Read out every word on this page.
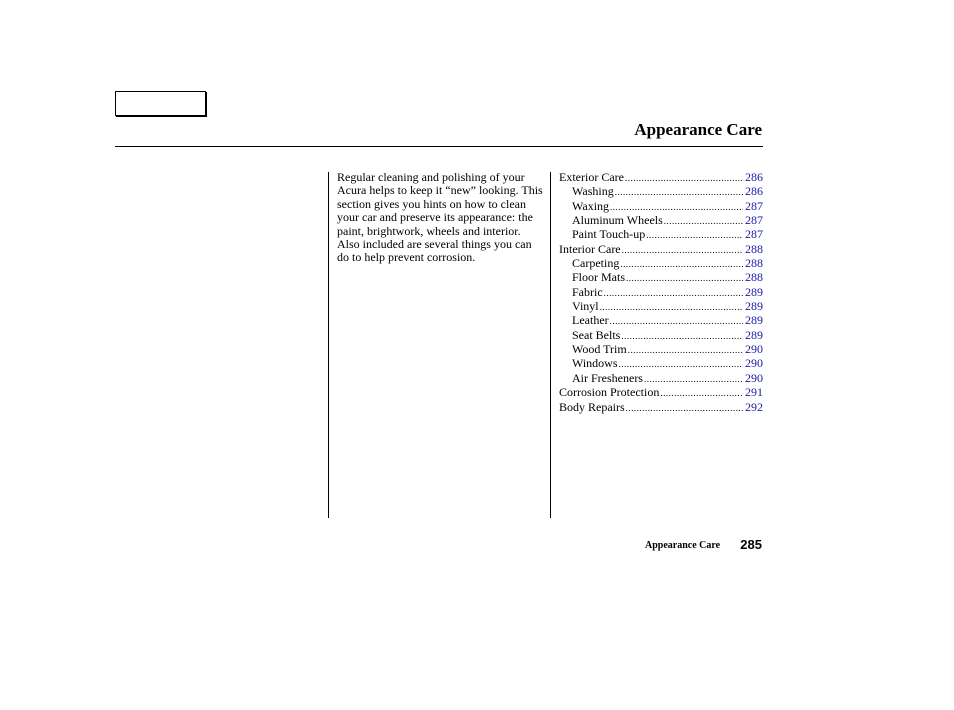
Appearance Care

Regular cleaning and polishing of your Acura helps to keep it “new” looking. This section gives you hints on how to clean your car and preserve its appearance: the paint, brightwork, wheels and interior. Also included are several things you can do to help prevent corrosion.

Exterior Care .....	286
Washing .....	286
Waxing .....	287
Aluminum Wheels .....	287
Paint Touch-up .....	287
Interior Care .....	288
Carpeting .....	288
Floor Mats .....	288
Fabric .....	289
Vinyl .....	289
Leather .....	289
Seat Belts .....	289
Wood Trim .....	290
Windows .....	290
Air Fresheners .....	290
Corrosion Protection .....	291
Body Repairs .....	292
Appearance Care 285
